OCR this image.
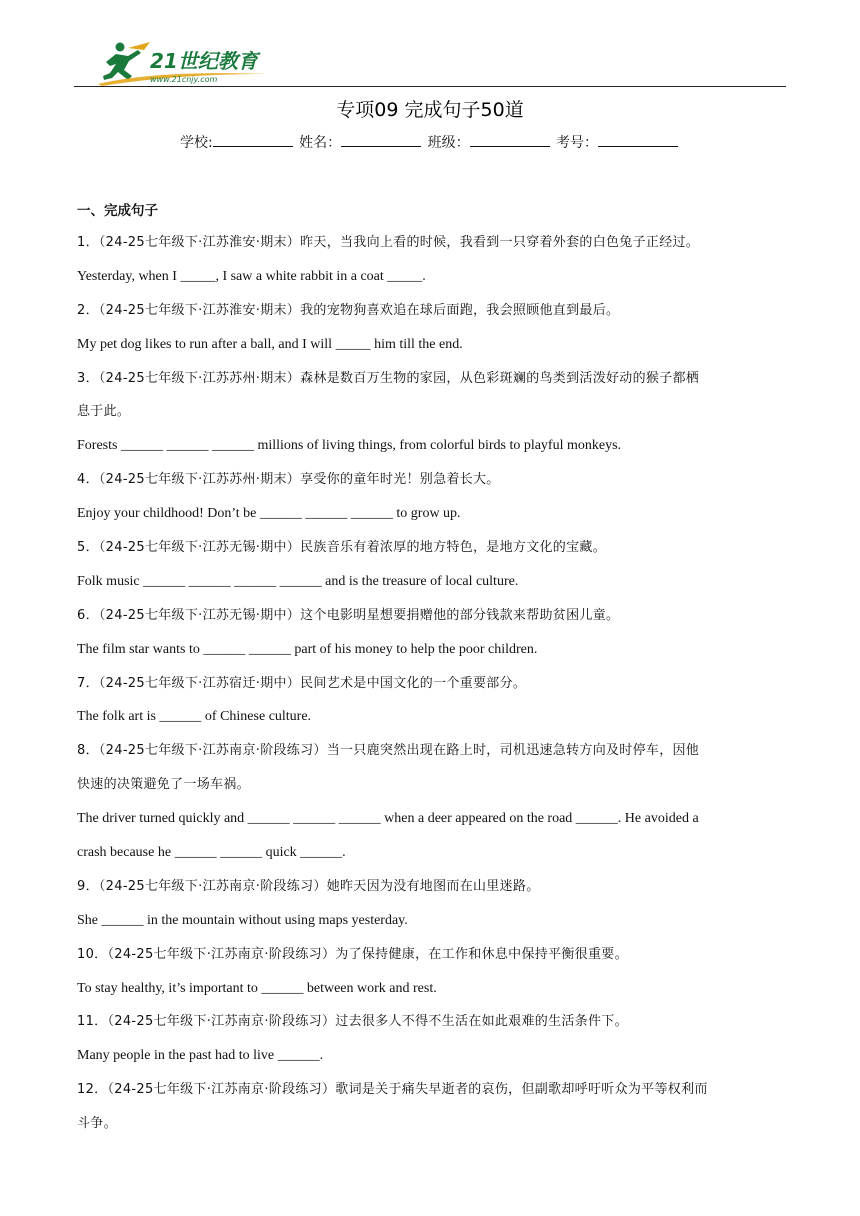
21世纪教育
www.21cnjy.com
专项09 完成句子50道
学校:	姓名：	班级：	考号：
一、完成句子
1．（24-25七年级下·江苏淮安·期末）昨天，当我向上看的时候，我看到一只穿着外套的白色兔子正经过。
Yesterday, when I _____, I saw a white rabbit in a coat _____.
2．（24-25七年级下·江苏淮安·期末）我的宠物狗喜欢追在球后面跑，我会照顾他直到最后。
My pet dog likes to run after a ball, and I will _____ him till the end.
3．（24-25七年级下·江苏苏州·期末）森林是数百万生物的家园，从色彩斑斓的鸟类到活泼好动的猴子都栖
息于此。
Forests ______ ______ ______ millions of living things, from colorful birds to playful monkeys.
4．（24-25七年级下·江苏苏州·期末）享受你的童年时光！别急着长大。
Enjoy your childhood! Don’t be ______ ______ ______ to grow up.
5．（24-25七年级下·江苏无锡·期中）民族音乐有着浓厚的地方特色，是地方文化的宝藏。
Folk music ______ ______ ______ ______ and is the treasure of local culture.
6．（24-25七年级下·江苏无锡·期中）这个电影明星想要捐赠他的部分钱款来帮助贫困儿童。
The film star wants to ______ ______ part of his money to help the poor children.
7．（24-25七年级下·江苏宿迁·期中）民间艺术是中国文化的一个重要部分。
The folk art is ______ of Chinese culture.
8．（24-25七年级下·江苏南京·阶段练习）当一只鹿突然出现在路上时，司机迅速急转方向及时停车，因他
快速的决策避免了一场车祸。
The driver turned quickly and ______ ______ ______ when a deer appeared on the road ______. He avoided a
crash because he ______ ______ quick ______.
9．（24-25七年级下·江苏南京·阶段练习）她昨天因为没有地图而在山里迷路。
She ______ in the mountain without using maps yesterday.
10．（24-25七年级下·江苏南京·阶段练习）为了保持健康，在工作和休息中保持平衡很重要。
To stay healthy, it’s important to ______ between work and rest.
11．（24-25七年级下·江苏南京·阶段练习）过去很多人不得不生活在如此艰难的生活条件下。
Many people in the past had to live ______.
12．（24-25七年级下·江苏南京·阶段练习）歌词是关于痛失早逝者的哀伤，但副歌却呼吁听众为平等权利而
斗争。
